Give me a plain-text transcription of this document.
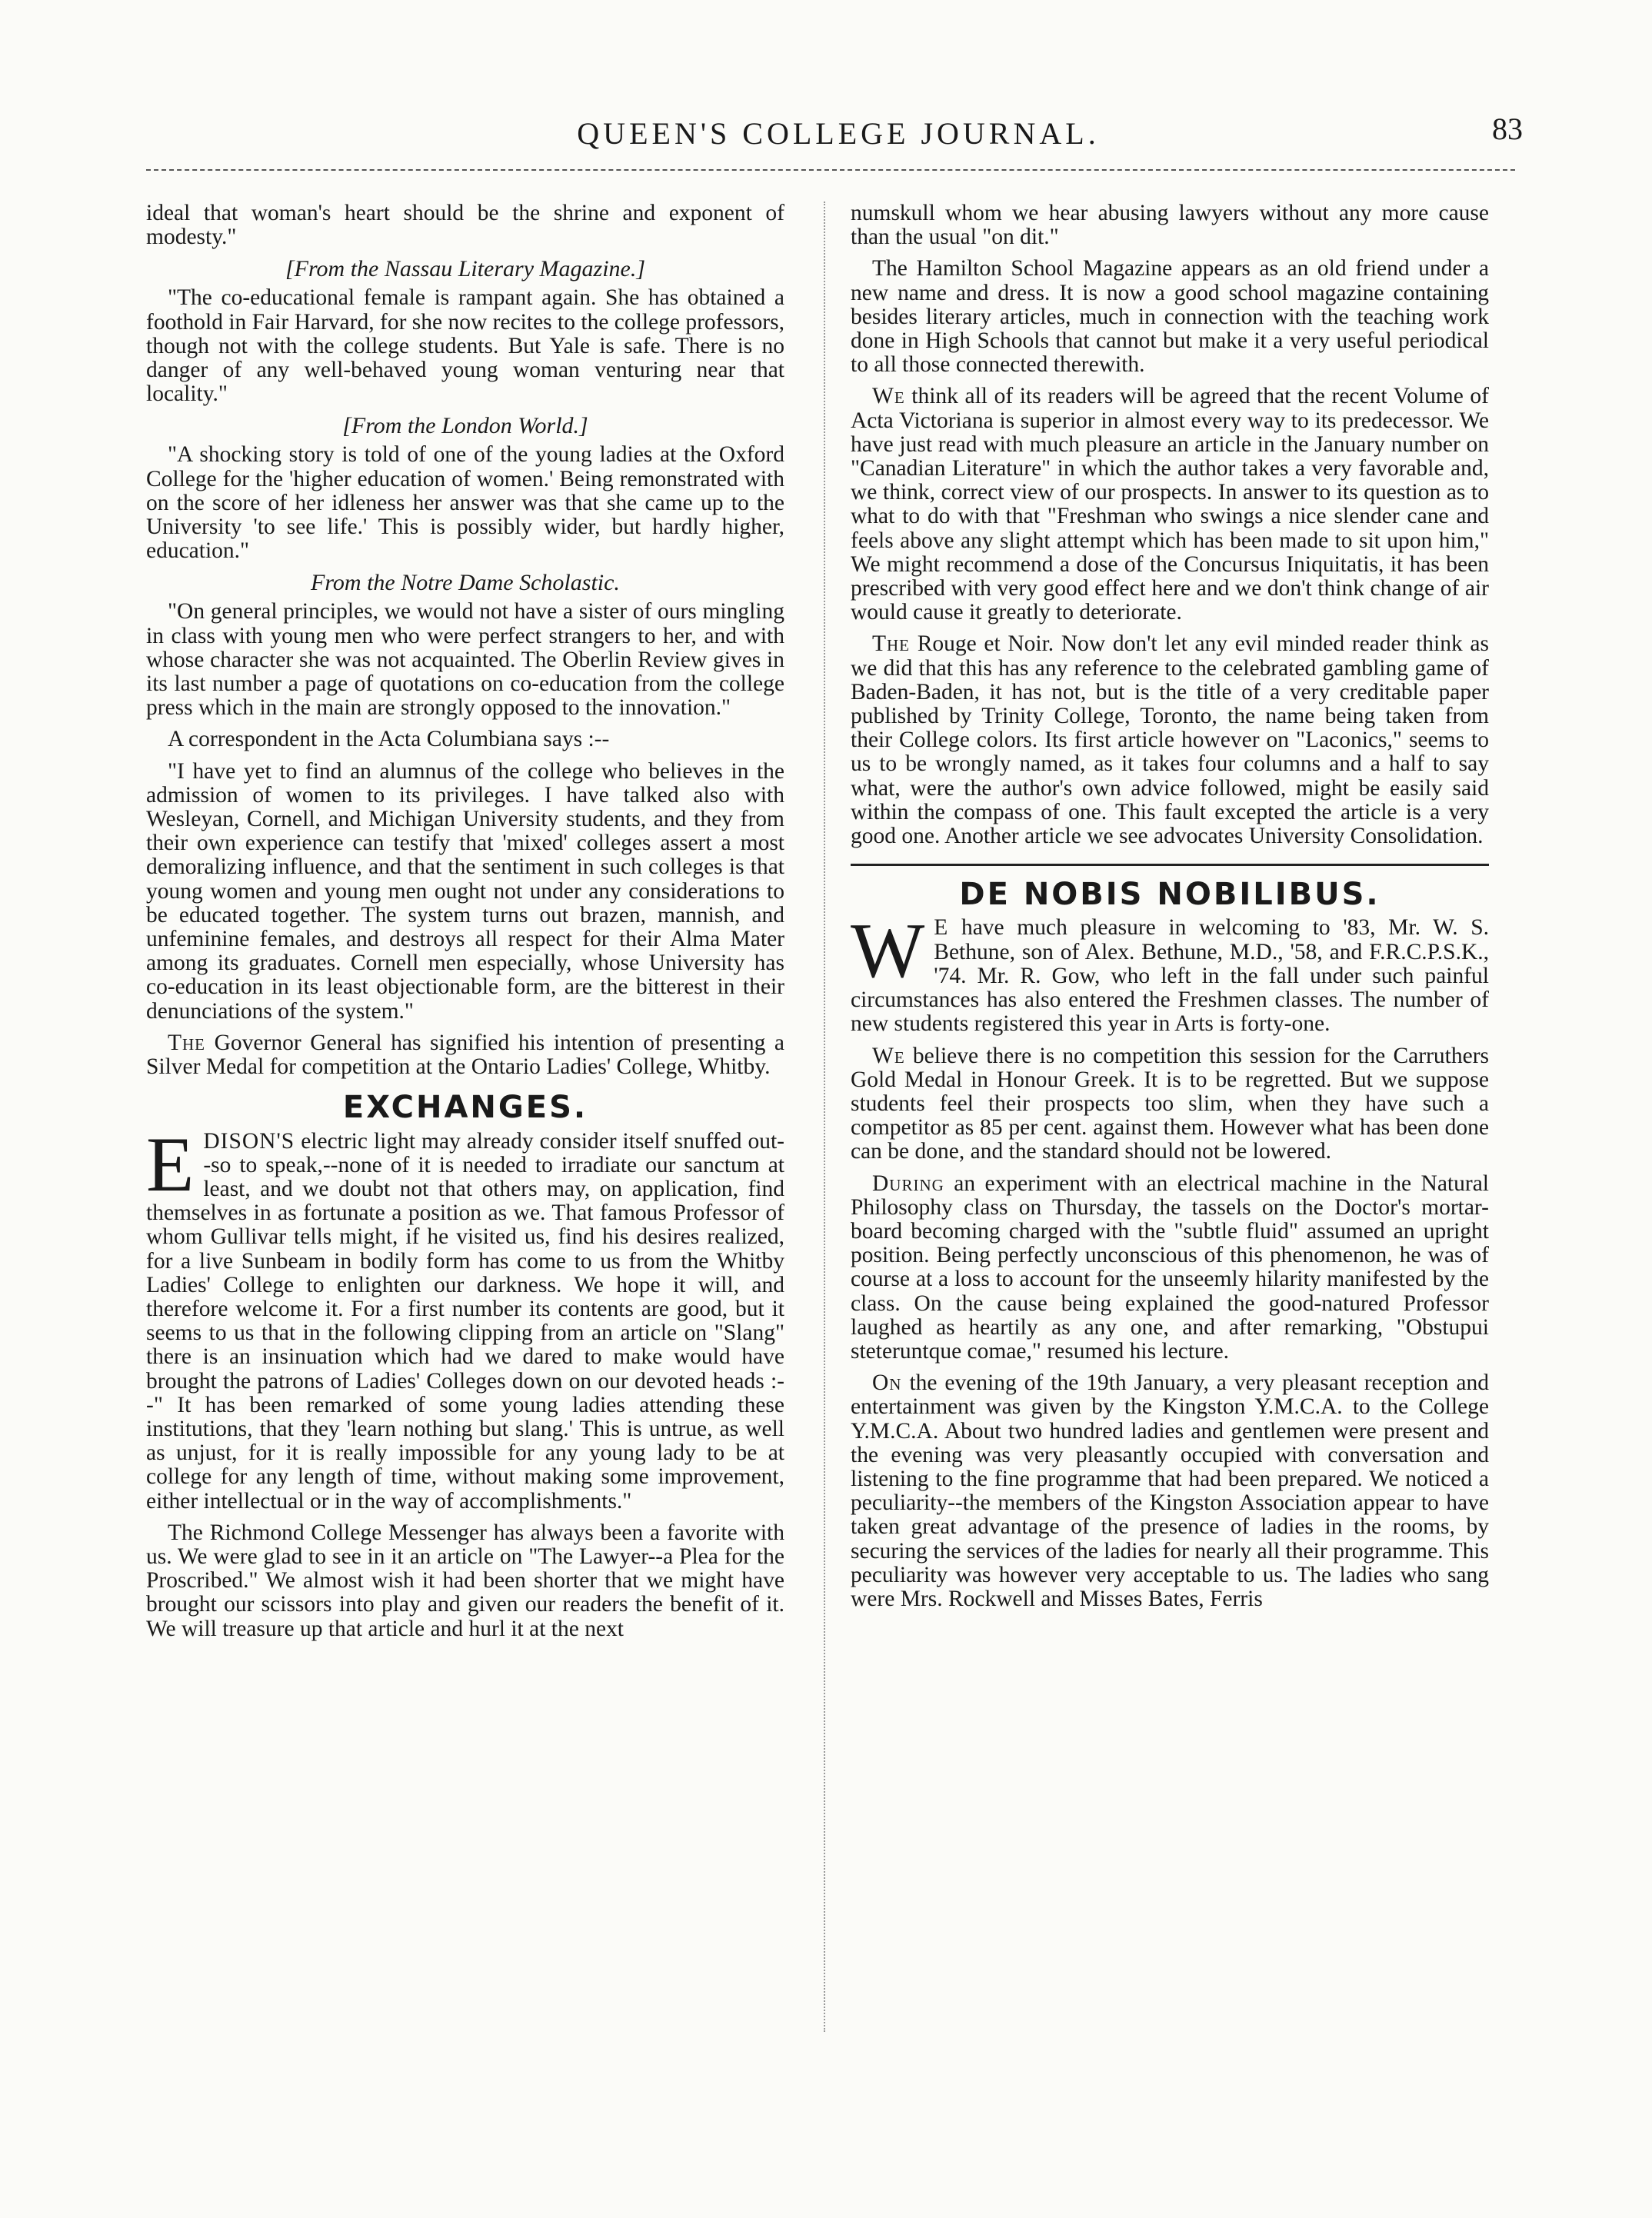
QUEEN'S COLLEGE JOURNAL.	83

ideal that woman's heart should be the shrine and exponent of modesty."

[From the Nassau Literary Magazine.]

"The co-educational female is rampant again. She has obtained a foothold in Fair Harvard, for she now recites to the college professors, though not with the college students. But Yale is safe. There is no danger of any well-behaved young woman venturing near that locality."

[From the London World.]

"A shocking story is told of one of the young ladies at the Oxford College for the 'higher education of women.' Being remonstrated with on the score of her idleness her answer was that she came up to the University 'to see life.' This is possibly wider, but hardly higher, education."

From the Notre Dame Scholastic.

"On general principles, we would not have a sister of ours mingling in class with young men who were perfect strangers to her, and with whose character she was not acquainted. The Oberlin Review gives in its last number a page of quotations on co-education from the college press which in the main are strongly opposed to the innovation."

A correspondent in the Acta Columbiana says :--

"I have yet to find an alumnus of the college who believes in the admission of women to its privileges. I have talked also with Wesleyan, Cornell, and Michigan University students, and they from their own experience can testify that 'mixed' colleges assert a most demoralizing influence, and that the sentiment in such colleges is that young women and young men ought not under any considerations to be educated together. The system turns out brazen, mannish, and unfeminine females, and destroys all respect for their Alma Mater among its graduates. Cornell men especially, whose University has co-education in its least objectionable form, are the bitterest in their denunciations of the system."

The Governor General has signified his intention of presenting a Silver Medal for competition at the Ontario Ladies' College, Whitby.

EXCHANGES.

EDISON'S electric light may already consider itself snuffed out--so to speak,--none of it is needed to irradiate our sanctum at least, and we doubt not that others may, on application, find themselves in as fortunate a position as we. That famous Professor of whom Gullivar tells might, if he visited us, find his desires realized, for a live Sunbeam in bodily form has come to us from the Whitby Ladies' College to enlighten our darkness. We hope it will, and therefore welcome it. For a first number its contents are good, but it seems to us that in the following clipping from an article on "Slang" there is an insinuation which had we dared to make would have brought the patrons of Ladies' Colleges down on our devoted heads :--" It has been remarked of some young ladies attending these institutions, that they 'learn nothing but slang.' This is untrue, as well as unjust, for it is really impossible for any young lady to be at college for any length of time, without making some improvement, either intellectual or in the way of accomplishments."

The Richmond College Messenger has always been a favorite with us. We were glad to see in it an article on "The Lawyer--a Plea for the Proscribed." We almost wish it had been shorter that we might have brought our scissors into play and given our readers the benefit of it. We will treasure up that article and hurl it at the next

numskull whom we hear abusing lawyers without any more cause than the usual "on dit."

The Hamilton School Magazine appears as an old friend under a new name and dress. It is now a good school magazine containing besides literary articles, much in connection with the teaching work done in High Schools that cannot but make it a very useful periodical to all those connected therewith.

We think all of its readers will be agreed that the recent Volume of Acta Victoriana is superior in almost every way to its predecessor. We have just read with much pleasure an article in the January number on "Canadian Literature" in which the author takes a very favorable and, we think, correct view of our prospects. In answer to its question as to what to do with that "Freshman who swings a nice slender cane and feels above any slight attempt which has been made to sit upon him," We might recommend a dose of the Concursus Iniquitatis, it has been prescribed with very good effect here and we don't think change of air would cause it greatly to deteriorate.

The Rouge et Noir. Now don't let any evil minded reader think as we did that this has any reference to the celebrated gambling game of Baden-Baden, it has not, but is the title of a very creditable paper published by Trinity College, Toronto, the name being taken from their College colors. Its first article however on "Laconics," seems to us to be wrongly named, as it takes four columns and a half to say what, were the author's own advice followed, might be easily said within the compass of one. This fault excepted the article is a very good one. Another article we see advocates University Consolidation.

DE NOBIS NOBILIBUS.

W E have much pleasure in welcoming to '83, Mr. W. S. Bethune, son of Alex. Bethune, M.D., '58, and F.R.C.P.S.K., '74. Mr. R. Gow, who left in the fall under such painful circumstances has also entered the Freshmen classes. The number of new students registered this year in Arts is forty-one.

We believe there is no competition this session for the Carruthers Gold Medal in Honour Greek. It is to be regretted. But we suppose students feel their prospects too slim, when they have such a competitor as 85 per cent. against them. However what has been done can be done, and the standard should not be lowered.

During an experiment with an electrical machine in the Natural Philosophy class on Thursday, the tassels on the Doctor's mortar-board becoming charged with the "subtle fluid" assumed an upright position. Being perfectly unconscious of this phenomenon, he was of course at a loss to account for the unseemly hilarity manifested by the class. On the cause being explained the good-natured Professor laughed as heartily as any one, and after remarking, "Obstupui steteruntque comae," resumed his lecture.

On the evening of the 19th January, a very pleasant reception and entertainment was given by the Kingston Y.M.C.A. to the College Y.M.C.A. About two hundred ladies and gentlemen were present and the evening was very pleasantly occupied with conversation and listening to the fine programme that had been prepared. We noticed a peculiarity--the members of the Kingston Association appear to have taken great advantage of the presence of ladies in the rooms, by securing the services of the ladies for nearly all their programme. This peculiarity was however very acceptable to us. The ladies who sang were Mrs. Rockwell and Misses Bates, Ferris
